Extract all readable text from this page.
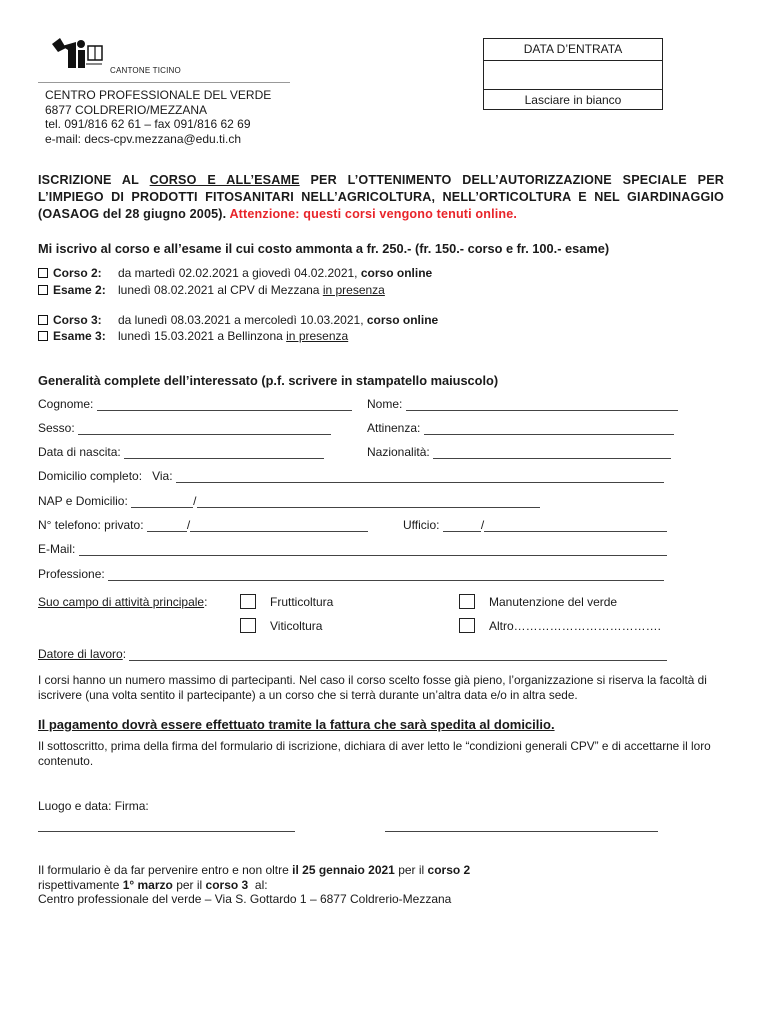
CANTONE TICINO
CENTRO PROFESSIONALE DEL VERDE
6877 COLDRERIO/MEZZANA
tel. 091/816 62 61 – fax 091/816 62 69
e-mail: decs-cpv.mezzana@edu.ti.ch
DATA D’ENTRATA
Lasciare in bianco
ISCRIZIONE AL CORSO E ALL’ESAME PER L’OTTENIMENTO DELL’AUTORIZZAZIONE SPECIALE PER L’IMPIEGO DI PRODOTTI FITOSANITARI NELL’AGRICOLTURA, NELL’ORTICOLTURA E NEL GIARDINAGGIO (OASAOG del 28 giugno 2005). Attenzione: questi corsi vengono tenuti online.
Mi iscrivo al corso e all’esame il cui costo ammonta a fr. 250.- (fr. 150.- corso e fr. 100.- esame)
Corso 2: da martedì 02.02.2021 a giovedì 04.02.2021, corso online
Esame 2: lunedì 08.02.2021 al CPV di Mezzana in presenza
Corso 3: da lunedì 08.03.2021 a mercoledì 10.03.2021, corso online
Esame 3: lunedì 15.03.2021 a Bellinzona in presenza
Generalità complete dell’interessato (p.f. scrivere in stampatello maiuscolo)
Cognome:	Nome:
Sesso:	Attinenza:
Data di nascita:	Nazionalità:
Domicilio completo: Via:
NAP e Domicilio:	/
N° telefono: privato:	/	Ufficio:	/
E-Mail:
Professione:
Suo campo di attività principale:	Frutticoltura	Manutenzione del verde
Viticoltura	Altro……………………………….
Datore di lavoro:
I corsi hanno un numero massimo di partecipanti. Nel caso il corso scelto fosse già pieno, l’organizzazione si riserva la facoltà di iscrivere (una volta sentito il partecipante) a un corso che si terrà durante un’altra data e/o in altra sede.
Il pagamento dovrà essere effettuato tramite la fattura che sarà spedita al domicilio.
Il sottoscritto, prima della firma del formulario di iscrizione, dichiara di aver letto le “condizioni generali CPV” e di accettarne il loro contenuto.
Luogo e data: Firma:
Il formulario è da far pervenire entro e non oltre il 25 gennaio 2021 per il corso 2
rispettivamente 1° marzo per il corso 3  al:
Centro professionale del verde – Via S. Gottardo 1 – 6877 Coldrerio-Mezzana
